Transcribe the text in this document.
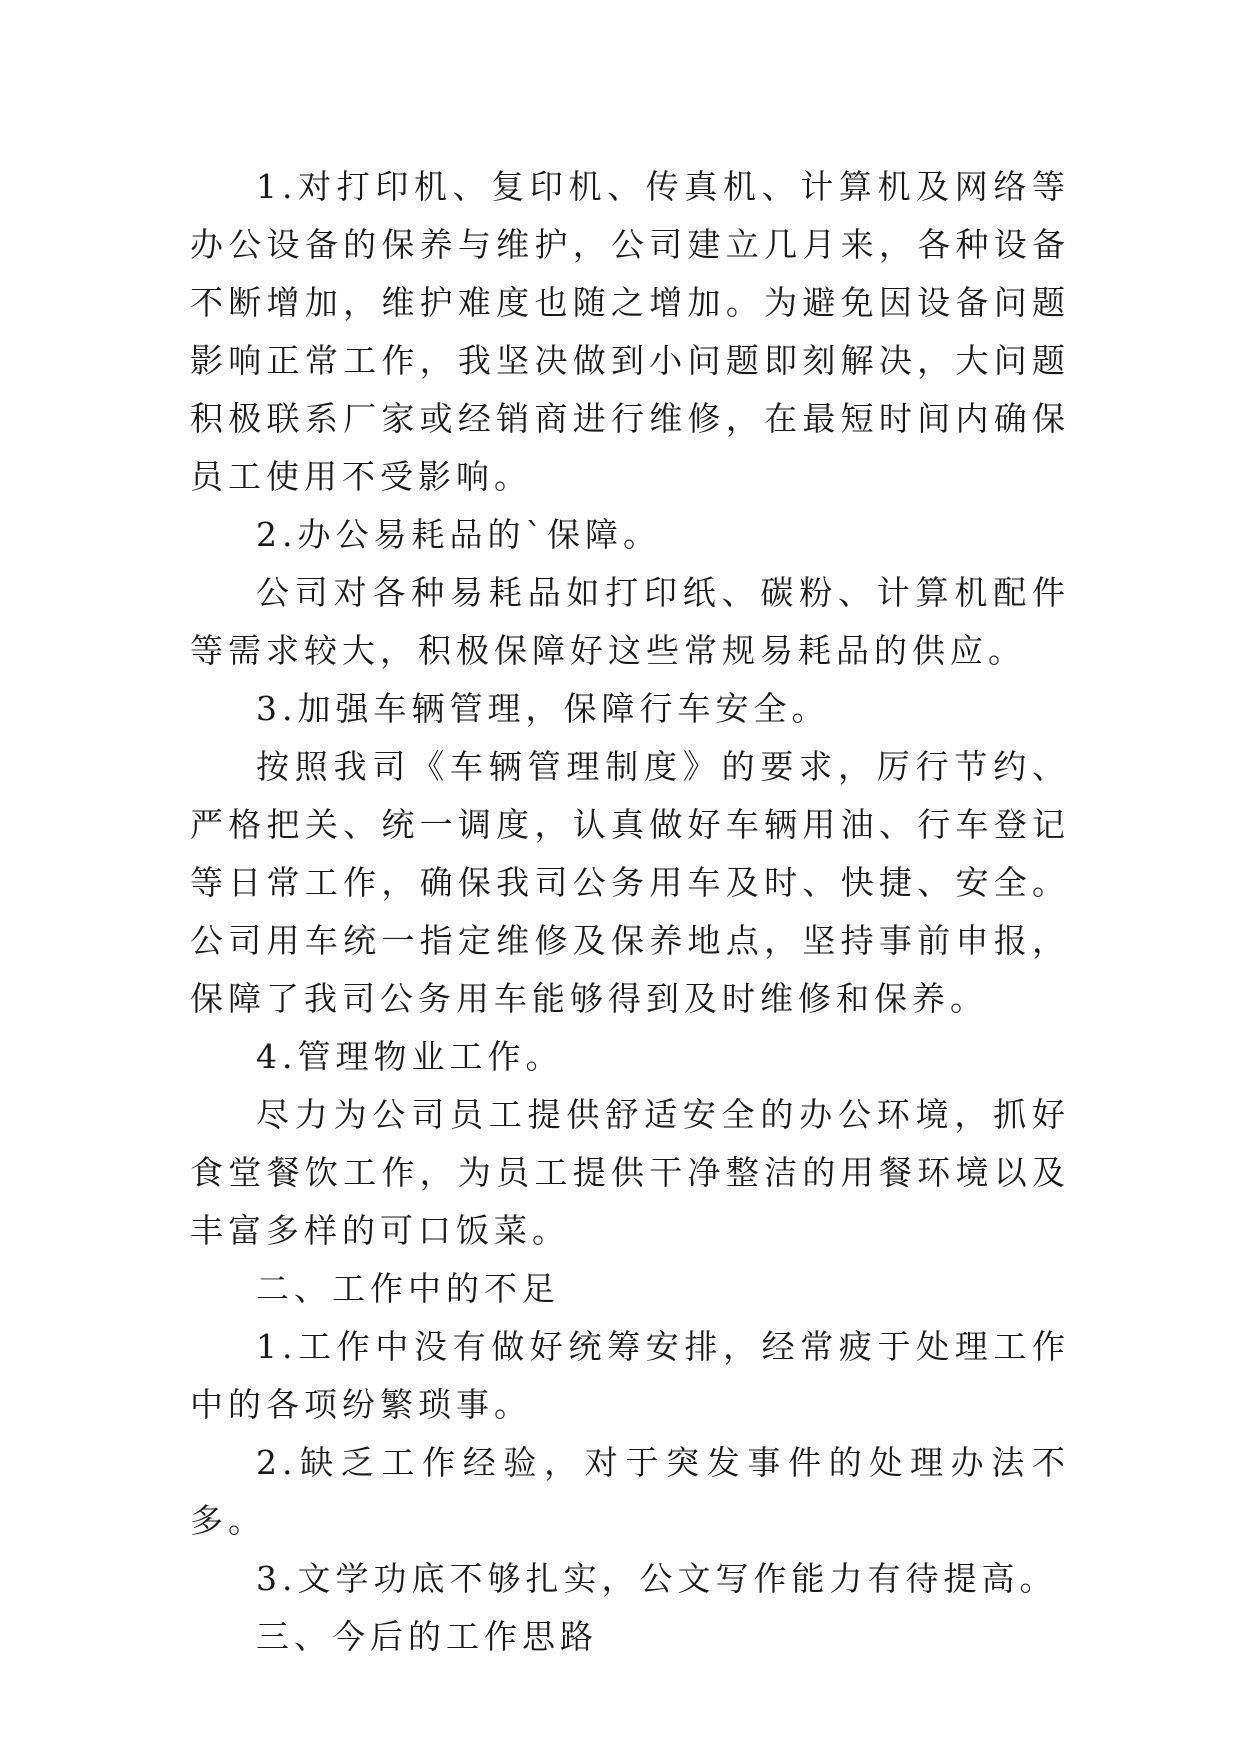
1.对打印机、复印机、传真机、计算机及网络等办公设备的保养与维护，公司建立几月来，各种设备不断增加，维护难度也随之增加。为避免因设备问题影响正常工作，我坚决做到小问题即刻解决，大问题积极联系厂家或经销商进行维修，在最短时间内确保员工使用不受影响。

2.办公易耗品的`保障。

公司对各种易耗品如打印纸、碳粉、计算机配件等需求较大，积极保障好这些常规易耗品的供应。

3.加强车辆管理，保障行车安全。

按照我司《车辆管理制度》的要求，厉行节约、严格把关、统一调度，认真做好车辆用油、行车登记等日常工作，确保我司公务用车及时、快捷、安全。公司用车统一指定维修及保养地点，坚持事前申报，保障了我司公务用车能够得到及时维修和保养。

4.管理物业工作。

尽力为公司员工提供舒适安全的办公环境，抓好食堂餐饮工作，为员工提供干净整洁的用餐环境以及丰富多样的可口饭菜。

二、工作中的不足

1.工作中没有做好统筹安排，经常疲于处理工作中的各项纷繁琐事。

2.缺乏工作经验，对于突发事件的处理办法不多。

3.文学功底不够扎实，公文写作能力有待提高。

三、今后的工作思路
